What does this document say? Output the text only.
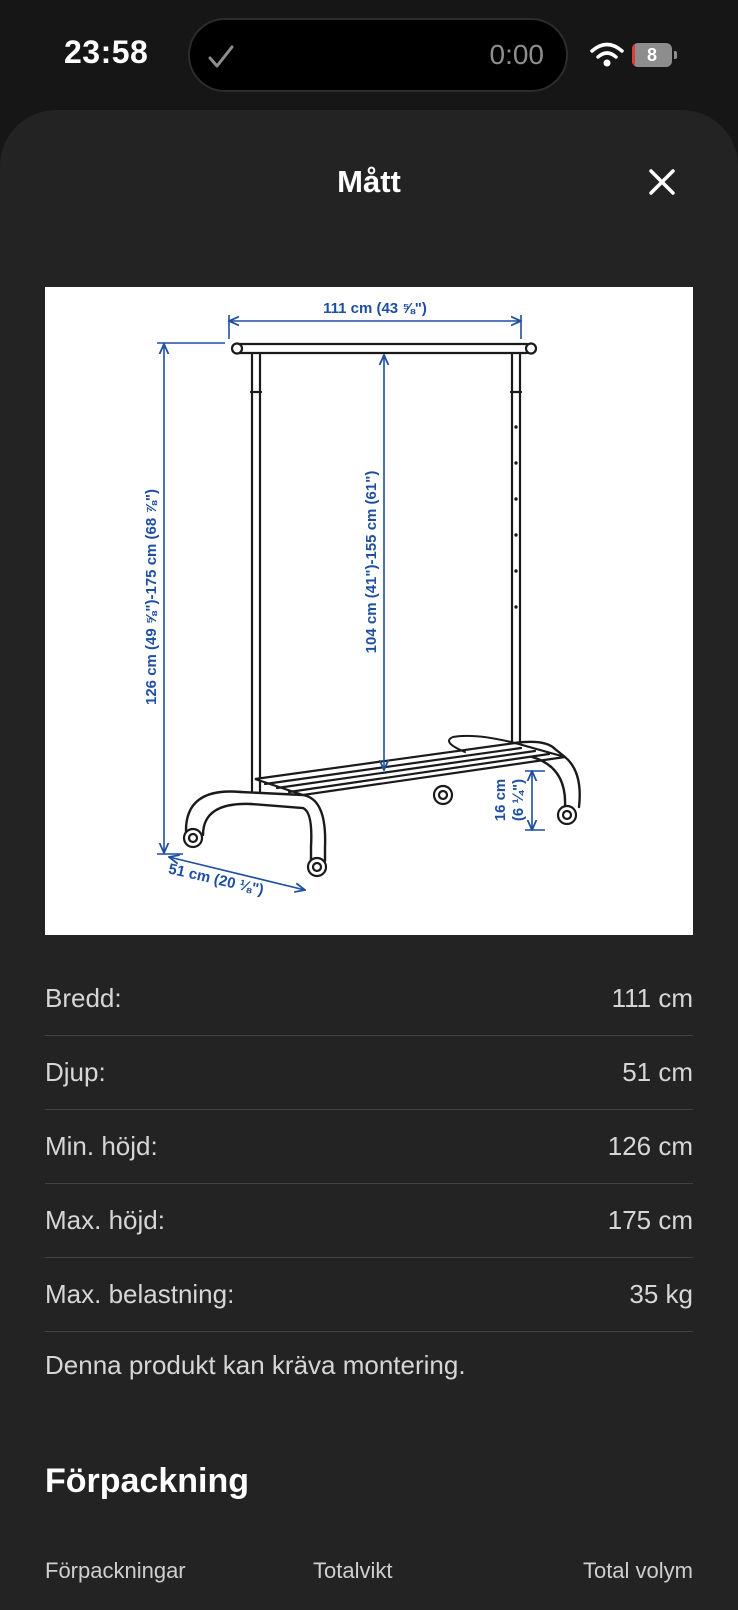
23:58	0:00	8
Mått
111 cm (43 ⅝")
126 cm (49 ⅝")-175 cm (68 ⅞")	104 cm (41")-155 cm (61")
51 cm (20 ⅛")
16 cm (6 ¼")
Bredd:	111 cm
Djup:	51 cm
Min. höjd:	126 cm
Max. höjd:	175 cm
Max. belastning:	35 kg
Denna produkt kan kräva montering.
Förpackning
Förpackningar	Totalvikt	Total volym
